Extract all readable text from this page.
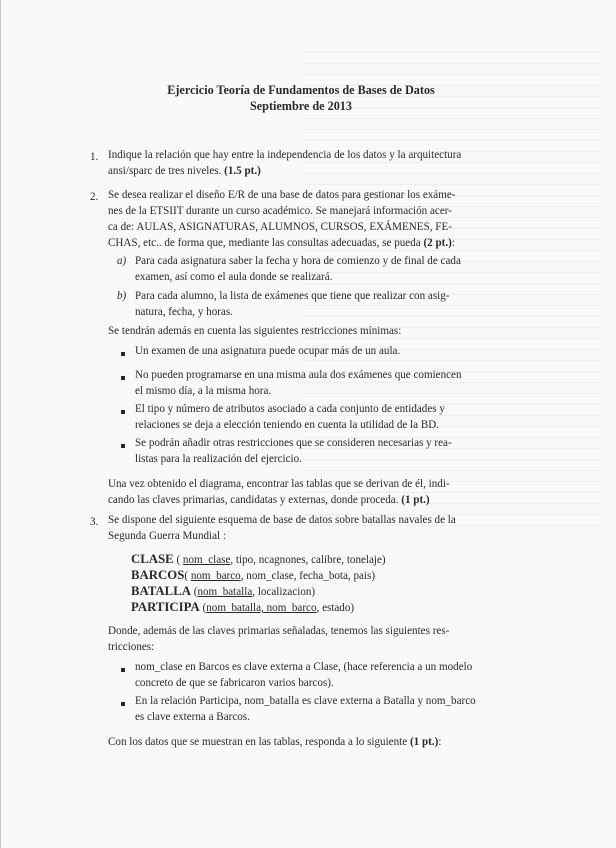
Ejercicio Teoría de Fundamentos de Bases de Datos
Septiembre de 2013
1. Indique la relación que hay entre la independencia de los datos y la arquitectura
ansi/sparc de tres niveles. (1.5 pt.)
2. Se desea realizar el diseño E/R de una base de datos para gestionar los exáme-
nes de la ETSIIT durante un curso académico. Se manejará información acer-
ca de: AULAS, ASIGNATURAS, ALUMNOS, CURSOS, EXÁMENES, FE-
CHAS, etc.. de forma que, mediante las consultas adecuadas, se pueda (2 pt.):
a) Para cada asignatura saber la fecha y hora de comienzo y de final de cada
examen, así como el aula donde se realizará.
b) Para cada alumno, la lista de exámenes que tiene que realizar con asig-
natura, fecha, y horas.
Se tendrán además en cuenta las siguientes restricciones mínimas:
Un examen de una asignatura puede ocupar más de un aula.
No pueden programarse en una misma aula dos exámenes que comiencen
el mismo día, a la misma hora.
El tipo y número de atributos asociado a cada conjunto de entidades y
relaciones se deja a elección teniendo en cuenta la utilidad de la BD.
Se podrán añadir otras restricciones que se consideren necesarias y rea-
listas para la realización del ejercicio.
Una vez obtenido el diagrama, encontrar las tablas que se derivan de él, indi-
cando las claves primarias, candidatas y externas, donde proceda. (1 pt.)
3. Se dispone del siguiente esquema de base de datos sobre batallas navales de la
Segunda Guerra Mundial :
CLASE ( nom_clase, tipo, ncagnones, calibre, tonelaje)
BARCOS( nom_barco, nom_clase, fecha_bota, pais)
BATALLA (nom_batalla, localizacion)
PARTICIPA (nom_batalla, nom_barco, estado)
Donde, además de las claves primarias señaladas, tenemos las siguientes res-
tricciones:
nom_clase en Barcos es clave externa a Clase, (hace referencia a un modelo
concreto de que se fabricaron varios barcos).
En la relación Participa, nom_batalla es clave externa a Batalla y nom_barco
es clave externa a Barcos.
Con los datos que se muestran en las tablas, responda a lo siguiente (1 pt.):
